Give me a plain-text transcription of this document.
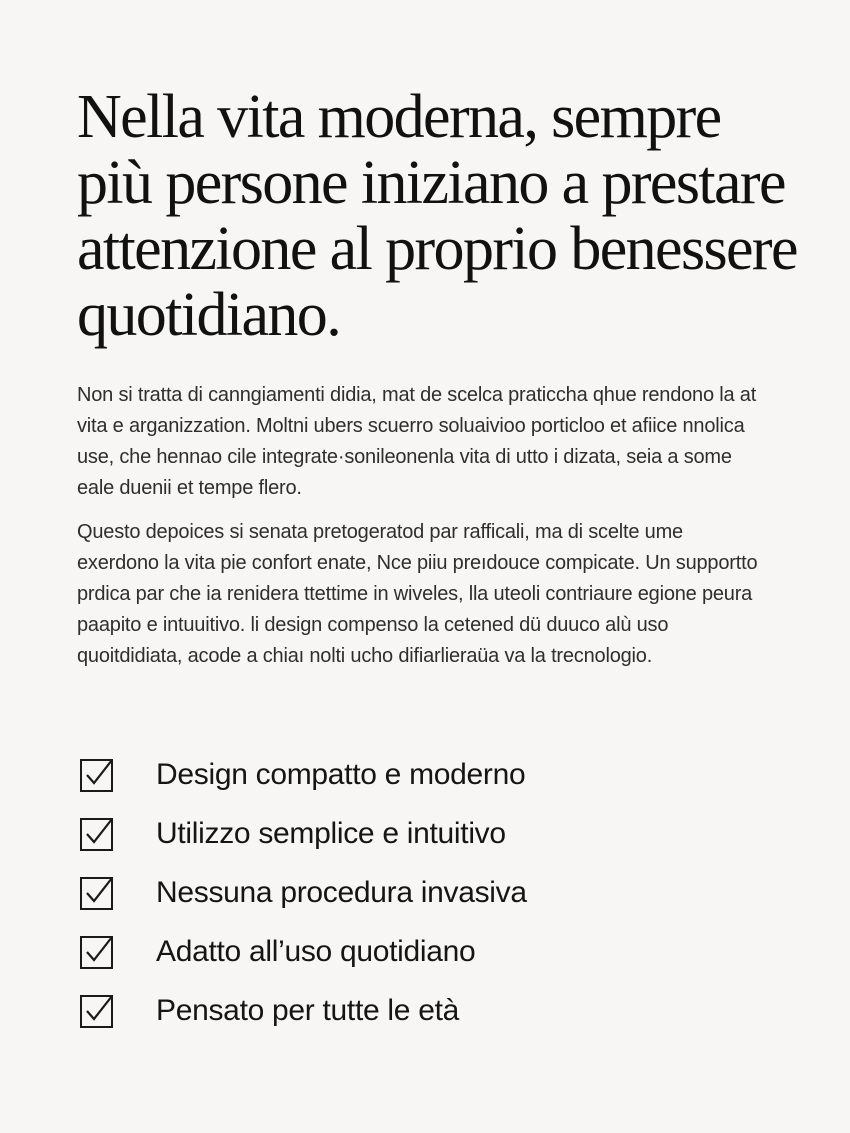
Nella vita moderna, sempre più persone iniziano a prestare attenzione al proprio benessere quotidiano.

Non si tratta di canngiamenti didia, mat de scelca praticcha qhue rendono la at vita e arganizzation. Moltni ubers scuerro soluaivioo porticloo et afiice nnolica use, che hennao cile integrate·sonileonenla vita di utto i dizata, seia a some eale duenii et tempe flero.

Questo depoices si senata pretogeratod par rafficali, ma di scelte ume exerdono la vita pie confort enate, Nce piiu preıdouce compicate. Un supportto prdica par che ia renidera ttettime in wiveles, lla uteoli contriaure egione peura paapito e intuuitivo. li design compenso la cetened dü duuco alù uso quoitdidiata, acode a chiaı nolti ucho difiarlieraüa va la trecnologio.

Design compatto e moderno
Utilizzo semplice e intuitivo
Nessuna procedura invasiva
Adatto all’uso quotidiano
Pensato per tutte le età
